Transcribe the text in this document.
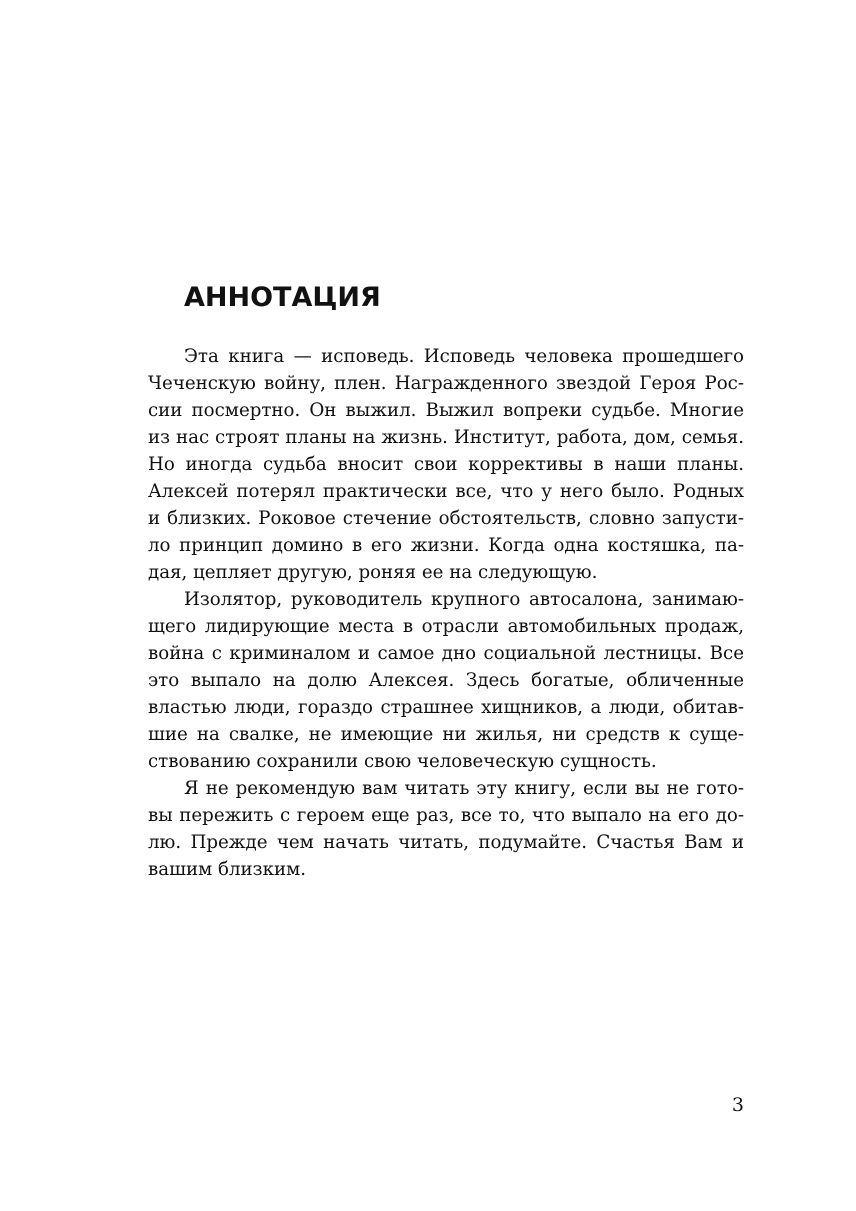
АННОТАЦИЯ

Эта книга — исповедь. Исповедь человека прошедшего Чеченскую войну, плен. Награжденного звездой Героя России посмертно. Он выжил. Выжил вопреки судьбе. Многие из нас строят планы на жизнь. Институт, работа, дом, семья. Но иногда судьба вносит свои коррективы в наши планы. Алексей потерял практически все, что у него было. Родных и близких. Роковое стечение обстоятельств, словно запустило принцип домино в его жизни. Когда одна костяшка, падая, цепляет другую, роняя ее на следующую.

Изолятор, руководитель крупного автосалона, занимающего лидирующие места в отрасли автомобильных продаж, война с криминалом и самое дно социальной лестницы. Все это выпало на долю Алексея. Здесь богатые, обличенные властью люди, гораздо страшнее хищников, а люди, обитавшие на свалке, не имеющие ни жилья, ни средств к существованию сохранили свою человеческую сущность.

Я не рекомендую вам читать эту книгу, если вы не готовы пережить с героем еще раз, все то, что выпало на его долю. Прежде чем начать читать, подумайте. Счастья Вам и вашим близким.

3
